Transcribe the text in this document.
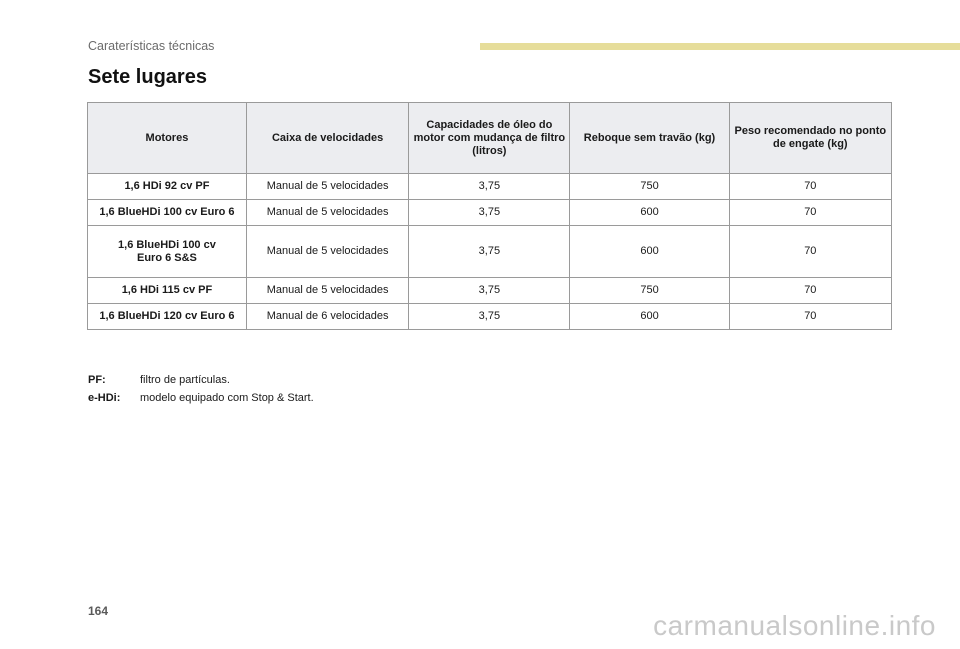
Caraterísticas técnicas
Sete lugares
Motores	Caixa de velocidades	Capacidades de óleo do motor com mudança de filtro (litros)	Reboque sem travão (kg)	Peso recomendado no ponto de engate (kg)
1,6 HDi 92 cv PF	Manual de 5 velocidades	3,75	750	70
1,6 BlueHDi 100 cv Euro 6	Manual de 5 velocidades	3,75	600	70
1,6 BlueHDi 100 cv Euro 6 S&S	Manual de 5 velocidades	3,75	600	70
1,6 HDi 115 cv PF	Manual de 5 velocidades	3,75	750	70
1,6 BlueHDi 120 cv Euro 6	Manual de 6 velocidades	3,75	600	70
PF:	filtro de partículas.
e-HDi:	modelo equipado com Stop & Start.
164	carmanualsonline.info
